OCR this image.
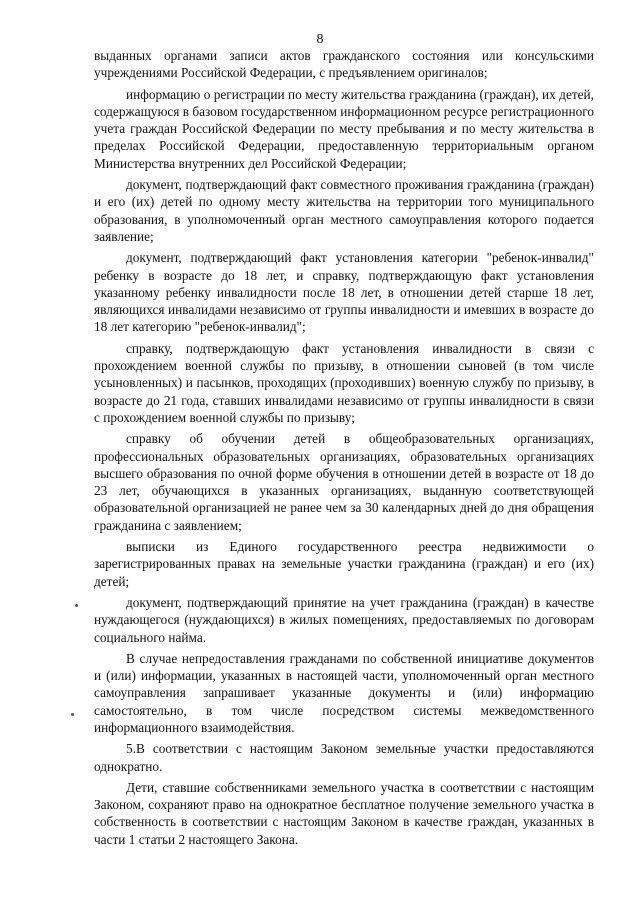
8

выданных органами записи актов гражданского состояния или консульскими учреждениями Российской Федерации, с предъявлением оригиналов;

информацию о регистрации по месту жительства гражданина (граждан), их детей, содержащуюся в базовом государственном информационном ресурсе регистрационного учета граждан Российской Федерации по месту пребывания и по месту жительства в пределах Российской Федерации, предоставленную территориальным органом Министерства внутренних дел Российской Федерации;

документ, подтверждающий факт совместного проживания гражданина (граждан) и его (их) детей по одному месту жительства на территории того муниципального образования, в уполномоченный орган местного самоуправления которого подается заявление;

документ, подтверждающий факт установления категории "ребенок-инвалид" ребенку в возрасте до 18 лет, и справку, подтверждающую факт установления указанному ребенку инвалидности после 18 лет, в отношении детей старше 18 лет, являющихся инвалидами независимо от группы инвалидности и имевших в возрасте до 18 лет категорию "ребенок-инвалид";

справку, подтверждающую факт установления инвалидности в связи с прохождением военной службы по призыву, в отношении сыновей (в том числе усыновленных) и пасынков, проходящих (проходивших) военную службу по призыву, в возрасте до 21 года, ставших инвалидами независимо от группы инвалидности в связи с прохождением военной службы по призыву;

справку об обучении детей в общеобразовательных организациях, профессиональных образовательных организациях, образовательных организациях высшего образования по очной форме обучения в отношении детей в возрасте от 18 до 23 лет, обучающихся в указанных организациях, выданную соответствующей образовательной организацией не ранее чем за 30 календарных дней до дня обращения гражданина с заявлением;

выписки из Единого государственного реестра недвижимости о зарегистрированных правах на земельные участки гражданина (граждан) и его (их) детей;

документ, подтверждающий принятие на учет гражданина (граждан) в качестве нуждающегося (нуждающихся) в жилых помещениях, предоставляемых по договорам социального найма.

В случае непредоставления гражданами по собственной инициативе документов и (или) информации, указанных в настоящей части, уполномоченный орган местного самоуправления запрашивает указанные документы и (или) информацию самостоятельно, в том числе посредством системы межведомственного информационного взаимодействия.

5.В соответствии с настоящим Законом земельные участки предоставляются однократно.

Дети, ставшие собственниками земельного участка в соответствии с настоящим Законом, сохраняют право на однократное бесплатное получение земельного участка в собственность в соответствии с настоящим Законом в качестве граждан, указанных в части 1 статьи 2 настоящего Закона.
